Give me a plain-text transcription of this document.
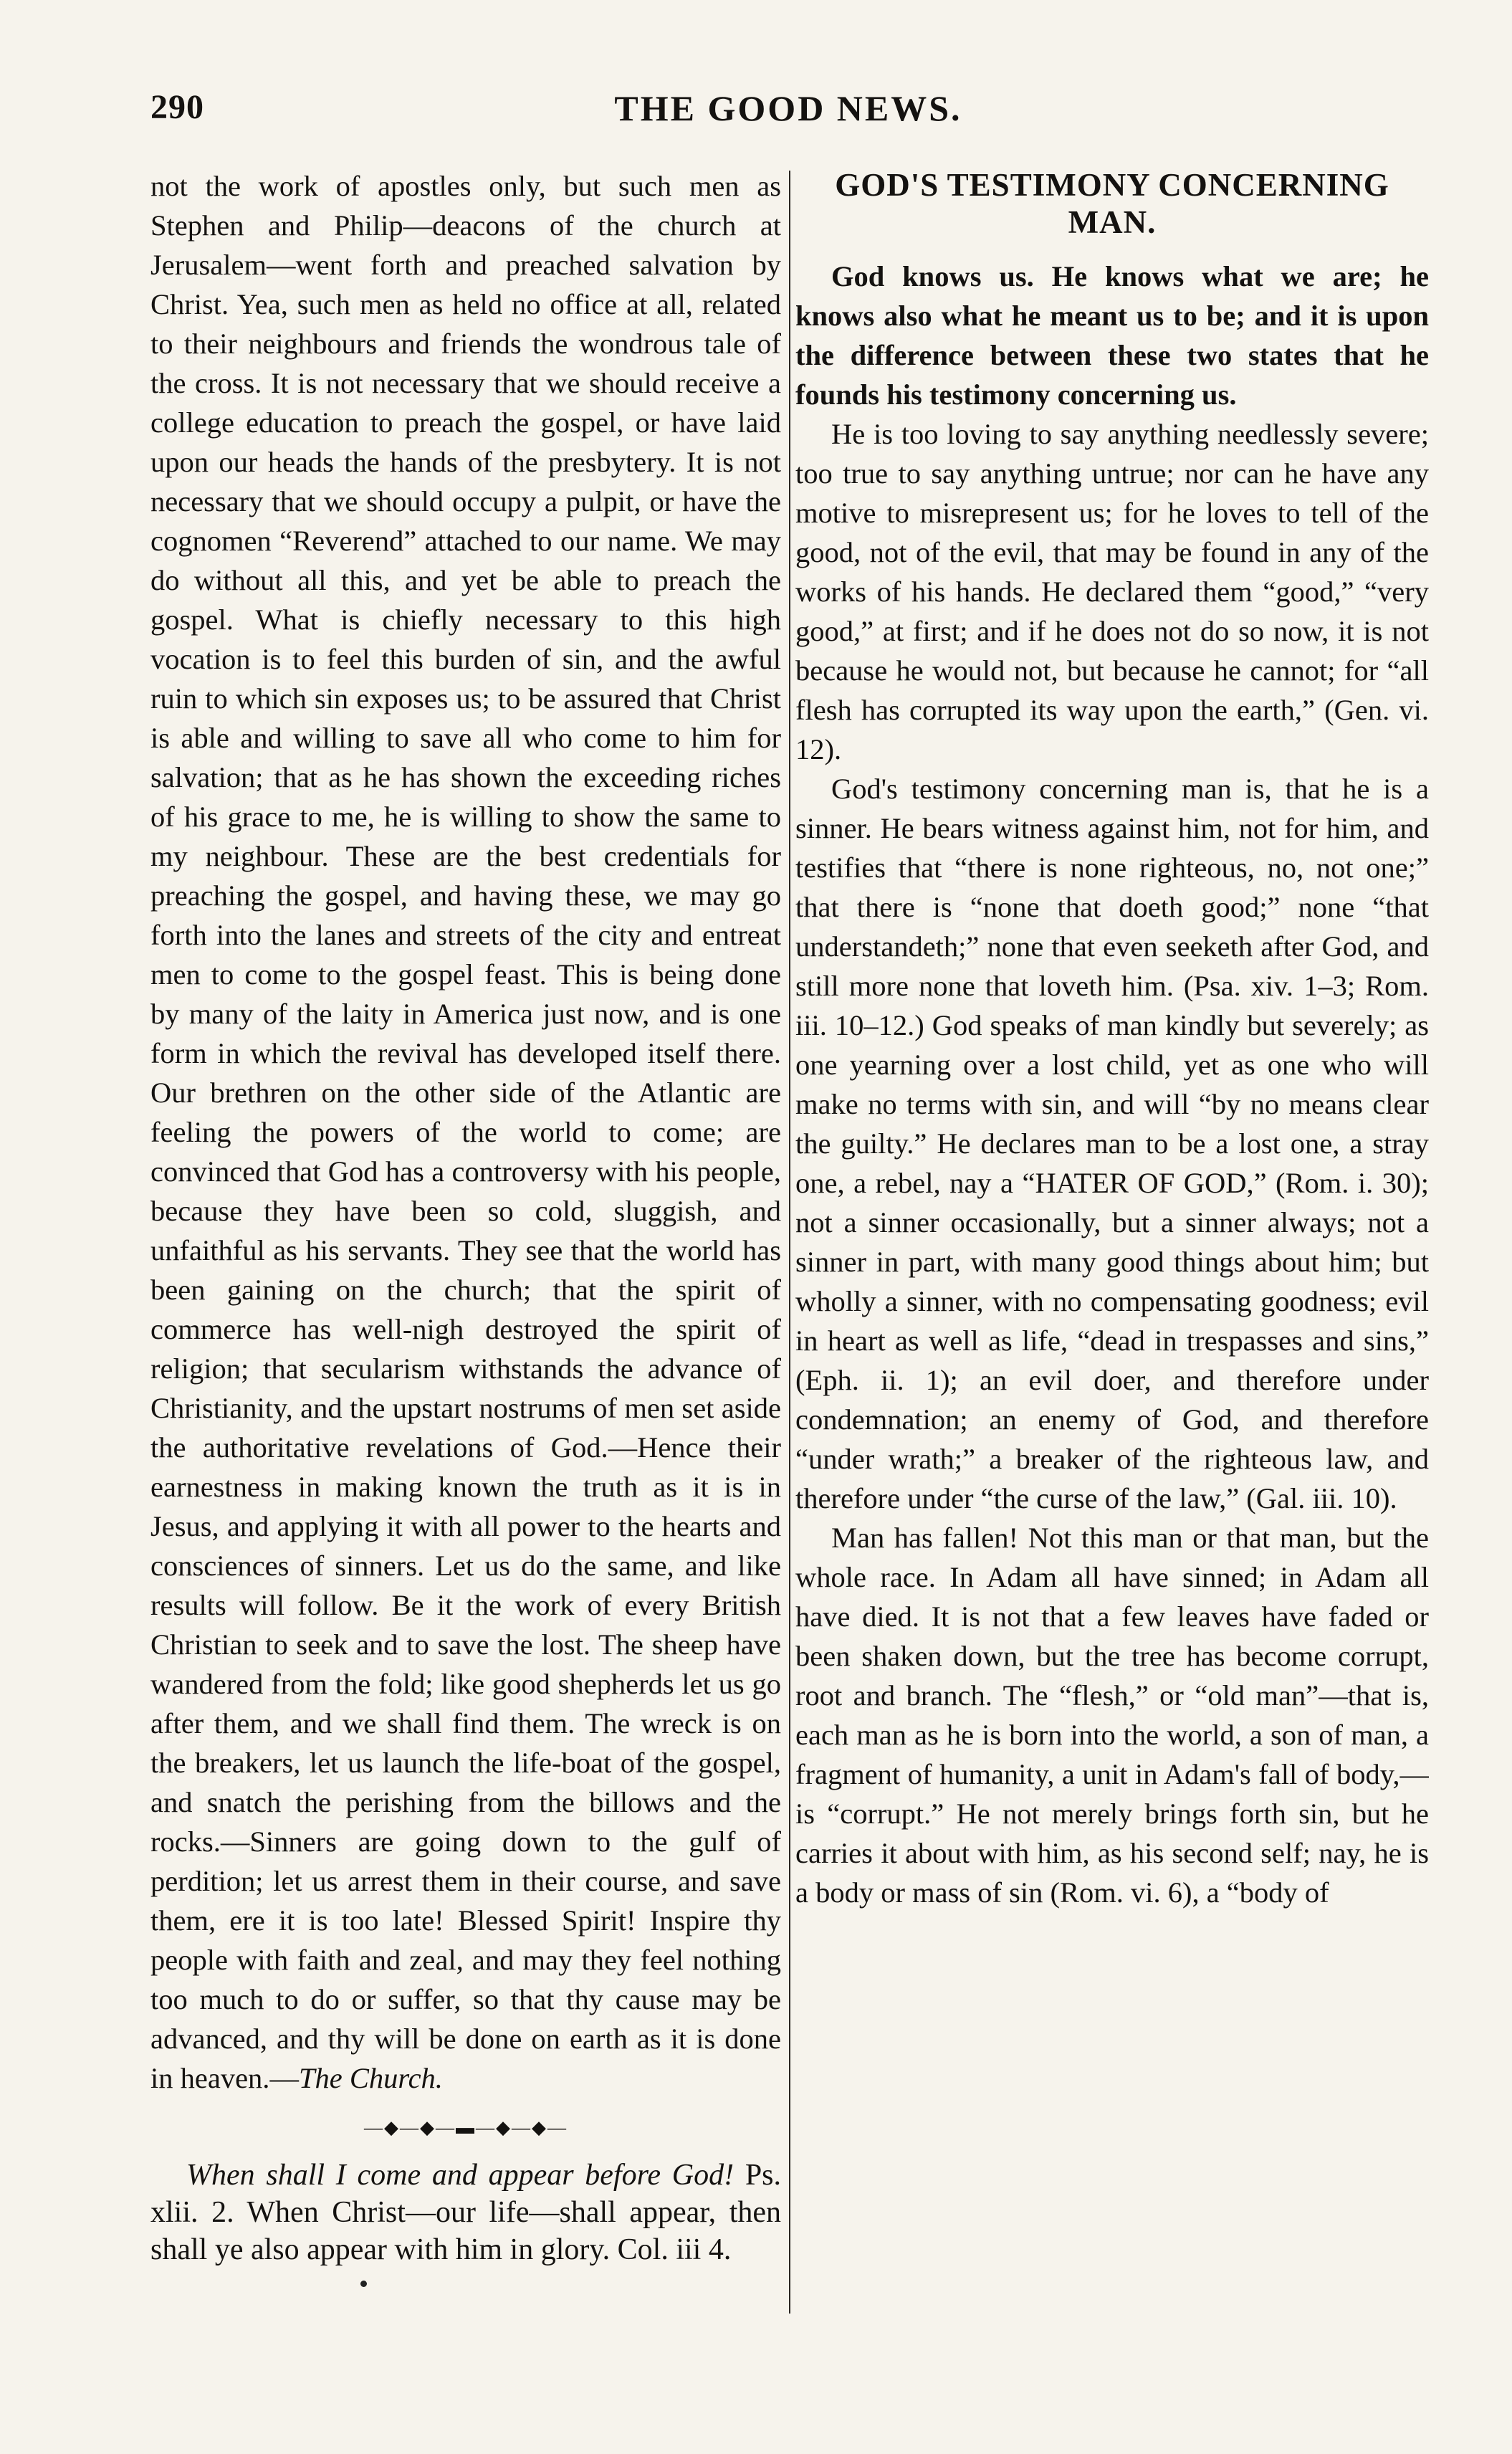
290	THE GOOD NEWS.

not the work of apostles only, but such men as Stephen and Philip—deacons of the church at Jerusalem—went forth and preached salvation by Christ. Yea, such men as held no office at all, related to their neighbours and friends the wondrous tale of the cross. It is not necessary that we should receive a college education to preach the gospel, or have laid upon our heads the hands of the presbytery. It is not necessary that we should occupy a pulpit, or have the cognomen “Reverend” attached to our name. We may do without all this, and yet be able to preach the gospel. What is chiefly necessary to this high vocation is to feel this burden of sin, and the awful ruin to which sin exposes us; to be assured that Christ is able and willing to save all who come to him for salvation; that as he has shown the exceeding riches of his grace to me, he is willing to show the same to my neighbour. These are the best credentials for preaching the gospel, and having these, we may go forth into the lanes and streets of the city and entreat men to come to the gospel feast. This is being done by many of the laity in America just now, and is one form in which the revival has developed itself there. Our brethren on the other side of the Atlantic are feeling the powers of the world to come; are convinced that God has a controversy with his people, because they have been so cold, sluggish, and unfaithful as his servants. They see that the world has been gaining on the church; that the spirit of commerce has well-nigh destroyed the spirit of religion; that secularism withstands the advance of Christianity, and the upstart nostrums of men set aside the authoritative revelations of God.—Hence their earnestness in making known the truth as it is in Jesus, and applying it with all power to the hearts and consciences of sinners. Let us do the same, and like results will follow. Be it the work of every British Christian to seek and to save the lost. The sheep have wandered from the fold; like good shepherds let us go after them, and we shall find them. The wreck is on the breakers, let us launch the life-boat of the gospel, and snatch the perishing from the billows and the rocks.—Sinners are going down to the gulf of perdition; let us arrest them in their course, and save them, ere it is too late! Blessed Spirit! Inspire thy people with faith and zeal, and may they feel nothing too much to do or suffer, so that thy cause may be advanced, and thy will be done on earth as it is done in heaven.—The Church.

—◆—◆—▬—◆—◆—

When shall I come and appear before God! Ps. xlii. 2. When Christ—our life—shall appear, then shall ye also appear with him in glory. Col. iii 4.

GOD'S TESTIMONY CONCERNING MAN.

God knows us. He knows what we are; he knows also what he meant us to be; and it is upon the difference between these two states that he founds his testimony concerning us.

He is too loving to say anything needlessly severe; too true to say anything untrue; nor can he have any motive to misrepresent us; for he loves to tell of the good, not of the evil, that may be found in any of the works of his hands. He declared them “good,” “very good,” at first; and if he does not do so now, it is not because he would not, but because he cannot; for “all flesh has corrupted its way upon the earth,” (Gen. vi. 12).

God's testimony concerning man is, that he is a sinner. He bears witness against him, not for him, and testifies that “there is none righteous, no, not one;” that there is “none that doeth good;” none “that understandeth;” none that even seeketh after God, and still more none that loveth him. (Psa. xiv. 1–3; Rom. iii. 10–12.) God speaks of man kindly but severely; as one yearning over a lost child, yet as one who will make no terms with sin, and will “by no means clear the guilty.” He declares man to be a lost one, a stray one, a rebel, nay a “HATER OF GOD,” (Rom. i. 30); not a sinner occasionally, but a sinner always; not a sinner in part, with many good things about him; but wholly a sinner, with no compensating goodness; evil in heart as well as life, “dead in trespasses and sins,” (Eph. ii. 1); an evil doer, and therefore under condemnation; an enemy of God, and therefore “under wrath;” a breaker of the righteous law, and therefore under “the curse of the law,” (Gal. iii. 10).

Man has fallen! Not this man or that man, but the whole race. In Adam all have sinned; in Adam all have died. It is not that a few leaves have faded or been shaken down, but the tree has become corrupt, root and branch. The “flesh,” or “old man”—that is, each man as he is born into the world, a son of man, a fragment of humanity, a unit in Adam's fall of body,—is “corrupt.” He not merely brings forth sin, but he carries it about with him, as his second self; nay, he is a body or mass of sin (Rom. vi. 6), a “body of
